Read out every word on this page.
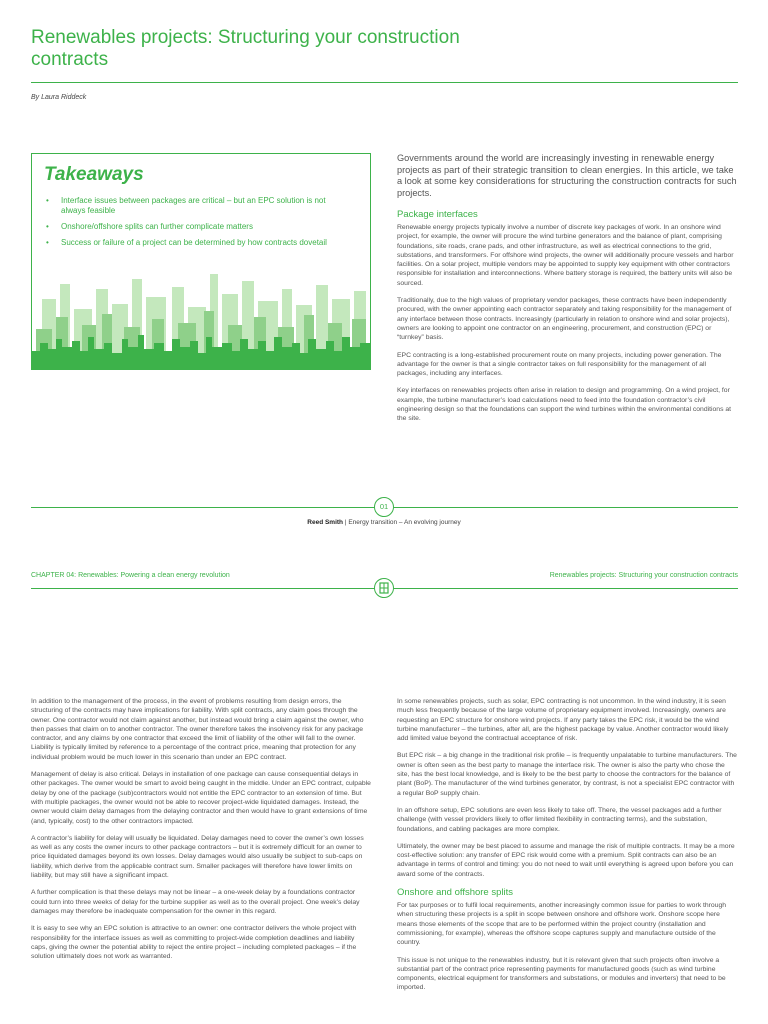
Renewables projects: Structuring your construction contracts
By Laura Riddeck
Takeaways
• Interface issues between packages are critical – but an EPC solution is not always feasible
• Onshore/offshore splits can further complicate matters
• Success or failure of a project can be determined by how contracts dovetail

Governments around the world are increasingly investing in renewable energy projects as part of their strategic transition to clean energies. In this article, we take a look at some key considerations for structuring the construction contracts for such projects.

Package interfaces

Renewable energy projects typically involve a number of discrete key packages of work. In an onshore wind project, for example, the owner will procure the wind turbine generators and the balance of plant, comprising foundations, site roads, crane pads, and other infrastructure, as well as electrical connections to the grid, substations, and transformers. For offshore wind projects, the owner will additionally procure vessels and harbor facilities. On a solar project, multiple vendors may be appointed to supply key equipment with other contractors responsible for installation and interconnections. Where battery storage is required, the battery units will also be sourced.

Traditionally, due to the high values of proprietary vendor packages, these contracts have been independently procured, with the owner appointing each contractor separately and taking responsibility for the management of any interface between those contracts. Increasingly (particularly in relation to onshore wind and solar projects), owners are looking to appoint one contractor on an engineering, procurement, and construction (EPC) or “turnkey” basis.

EPC contracting is a long-established procurement route on many projects, including power generation. The advantage for the owner is that a single contractor takes on full responsibility for the management of all packages, including any interfaces.

Key interfaces on renewables projects often arise in relation to design and programming. On a wind project, for example, the turbine manufacturer’s load calculations need to feed into the foundation contractor’s civil engineering design so that the foundations can support the wind turbines within the environmental conditions at the site.

01
Reed Smith | Energy transition – An evolving journey
CHAPTER 04: Renewables: Powering a clean energy revolution	Renewables projects: Structuring your construction contracts

In addition to the management of the process, in the event of problems resulting from design errors, the structuring of the contracts may have implications for liability. With split contracts, any claim goes through the owner. One contractor would not claim against another, but instead would bring a claim against the owner, who then passes that claim on to another contractor. The owner therefore takes the insolvency risk for any package contractor, and any claims by one contractor that exceed the limit of liability of the other will fall to the owner. Liability is typically limited by reference to a percentage of the contract price, meaning that protection for any individual problem would be much lower in this scenario than under an EPC contract.

Management of delay is also critical. Delays in installation of one package can cause consequential delays in other packages. The owner would be smart to avoid being caught in the middle. Under an EPC contract, culpable delay by one of the package (sub)contractors would not entitle the EPC contractor to an extension of time. But with multiple packages, the owner would not be able to recover project-wide liquidated damages. Instead, the owner would claim delay damages from the delaying contractor and then would have to grant extensions of time (and, typically, cost) to the other contractors impacted.

A contractor’s liability for delay will usually be liquidated. Delay damages need to cover the owner’s own losses as well as any costs the owner incurs to other package contractors – but it is extremely difficult for an owner to price liquidated damages beyond its own losses. Delay damages would also usually be subject to sub-caps on liability, which derive from the applicable contract sum. Smaller packages will therefore have lower limits on liability, but may still have a significant impact.

A further complication is that these delays may not be linear – a one-week delay by a foundations contractor could turn into three weeks of delay for the turbine supplier as well as to the overall project. One week’s delay damages may therefore be inadequate compensation for the owner in this regard.

It is easy to see why an EPC solution is attractive to an owner: one contractor delivers the whole project with responsibility for the interface issues as well as committing to project-wide completion deadlines and liability caps, giving the owner the potential ability to reject the entire project – including completed packages – if the solution ultimately does not work as warranted.

In some renewables projects, such as solar, EPC contracting is not uncommon. In the wind industry, it is seen much less frequently because of the large volume of proprietary equipment involved. Increasingly, owners are requesting an EPC structure for onshore wind projects. If any party takes the EPC risk, it would be the wind turbine manufacturer – the turbines, after all, are the highest package by value. Another contractor would likely add limited value beyond the contractual acceptance of risk.

But EPC risk – a big change in the traditional risk profile – is frequently unpalatable to turbine manufacturers. The owner is often seen as the best party to manage the interface risk. The owner is also the party who chose the site, has the best local knowledge, and is likely to be the best party to choose the contractors for the balance of plant (BoP). The manufacturer of the wind turbines generator, by contrast, is not a specialist EPC contractor with a regular BoP supply chain.

In an offshore setup, EPC solutions are even less likely to take off. There, the vessel packages add a further challenge (with vessel providers likely to offer limited flexibility in contracting terms), and the substation, foundations, and cabling packages are more complex.

Ultimately, the owner may be best placed to assume and manage the risk of multiple contracts. It may be a more cost-effective solution: any transfer of EPC risk would come with a premium. Split contracts can also be an advantage in terms of control and timing: you do not need to wait until everything is agreed upon before you can award some of the contracts.

Onshore and offshore splits

For tax purposes or to fulfil local requirements, another increasingly common issue for parties to work through when structuring these projects is a split in scope between onshore and offshore work. Onshore scope here means those elements of the scope that are to be performed within the project country (installation and commissioning, for example), whereas the offshore scope captures supply and manufacture outside of the country.

This issue is not unique to the renewables industry, but it is relevant given that such projects often involve a substantial part of the contract price representing payments for manufactured goods (such as wind turbine components, electrical equipment for transformers and substations, or modules and inverters) that need to be imported.
